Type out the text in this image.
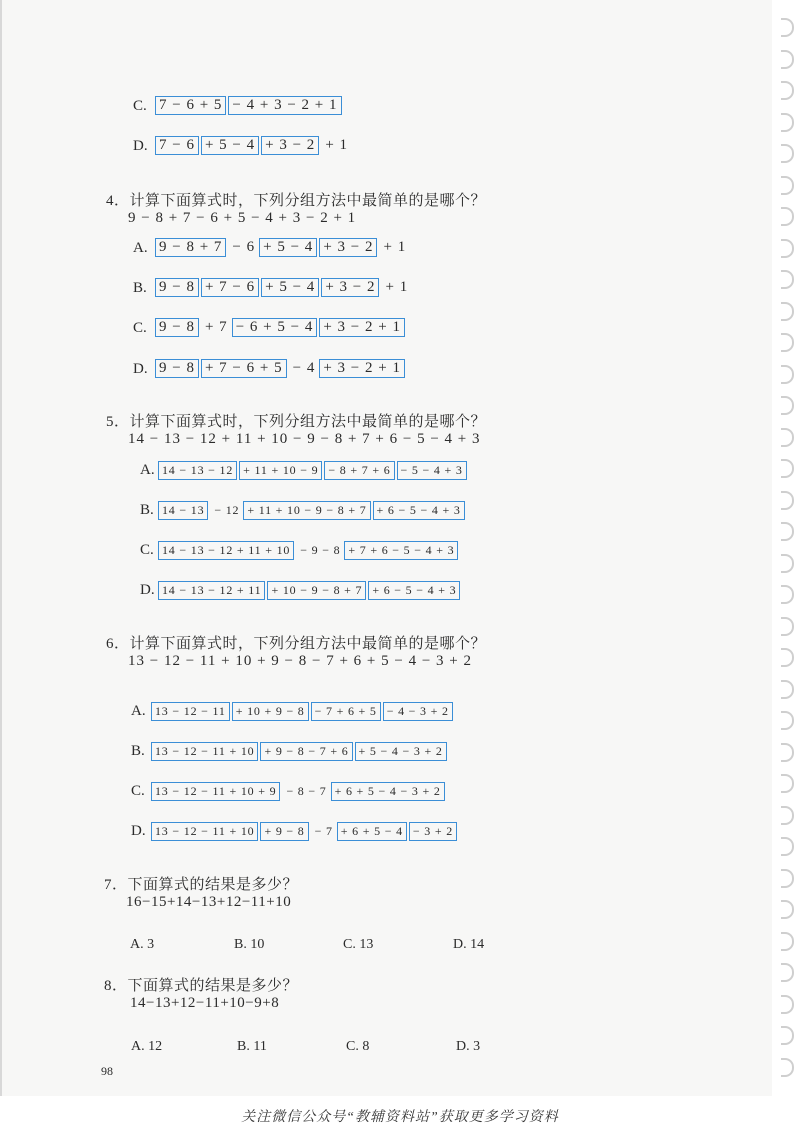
C. 7 − 6 + 5 − 4 + 3 − 2 + 1
D. 7 − 6 + 5 − 4 + 3 − 2 + 1
4．计算下面算式时，下列分组方法中最简单的是哪个？
9 − 8 + 7 − 6 + 5 − 4 + 3 − 2 + 1
A. 9 − 8 + 7 − 6 + 5 − 4 + 3 − 2 + 1
B. 9 − 8 + 7 − 6 + 5 − 4 + 3 − 2 + 1
C. 9 − 8 + 7 − 6 + 5 − 4 + 3 − 2 + 1
D. 9 − 8 + 7 − 6 + 5 − 4 + 3 − 2 + 1
5．计算下面算式时，下列分组方法中最简单的是哪个？
14 − 13 − 12 + 11 + 10 − 9 − 8 + 7 + 6 − 5 − 4 + 3
A. 14 − 13 − 12 + 11 + 10 − 9 − 8 + 7 + 6 − 5 − 4 + 3
B. 14 − 13 − 12 + 11 + 10 − 9 − 8 + 7 + 6 − 5 − 4 + 3
C. 14 − 13 − 12 + 11 + 10 − 9 − 8 + 7 + 6 − 5 − 4 + 3
D. 14 − 13 − 12 + 11 + 10 − 9 − 8 + 7 + 6 − 5 − 4 + 3
6．计算下面算式时，下列分组方法中最简单的是哪个？
13 − 12 − 11 + 10 + 9 − 8 − 7 + 6 + 5 − 4 − 3 + 2
A. 13 − 12 − 11 + 10 + 9 − 8 − 7 + 6 + 5 − 4 − 3 + 2
B. 13 − 12 − 11 + 10 + 9 − 8 − 7 + 6 + 5 − 4 − 3 + 2
C. 13 − 12 − 11 + 10 + 9 − 8 − 7 + 6 + 5 − 4 − 3 + 2
D. 13 − 12 − 11 + 10 + 9 − 8 − 7 + 6 + 5 − 4 − 3 + 2
7．下面算式的结果是多少？
16−15+14−13+12−11+10
A. 3	B. 10	C. 13	D. 14
8．下面算式的结果是多少？
14−13+12−11+10−9+8
A. 12	B. 11	C. 8	D. 3
98
关注微信公众号“教辅资料站”获取更多学习资料
